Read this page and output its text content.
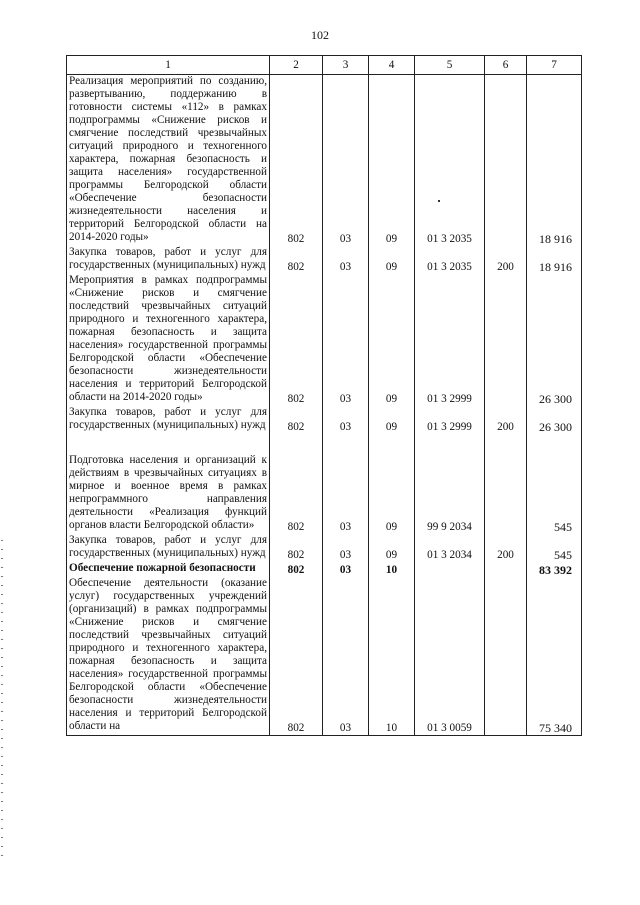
102
1	2	3	4	5	6	7
Реализация мероприятий по созданию, развертыванию, поддержанию в готовности системы «112» в рамках подпрограммы «Снижение рисков и смягчение последствий чрезвычайных ситуаций природного и техногенного характера, пожарная безопасность и защита населения» государственной программы Белгородской области «Обеспечение безопасности жизнедеятельности населения и территорий Белгородской области на 2014-2020 годы»	802	03	09	01 3 2035		18 916
Закупка товаров, работ и услуг для государственных (муниципальных) нужд	802	03	09	01 3 2035	200	18 916
Мероприятия в рамках подпрограммы «Снижение рисков и смягчение последствий чрезвычайных ситуаций природного и техногенного характера, пожарная безопасность и защита населения» государственной программы Белгородской области «Обеспечение безопасности жизнедеятельности населения и территорий Белгородской области на 2014-2020 годы»	802	03	09	01 3 2999		26 300
Закупка товаров, работ и услуг для государственных (муниципальных) нужд	802	03	09	01 3 2999	200	26 300

Подготовка населения и организаций к действиям в чрезвычайных ситуациях в мирное и военное время в рамках непрограммного направления деятельности «Реализация функций органов власти Белгородской области»	802	03	09	99 9 2034		545
Закупка товаров, работ и услуг для государственных (муниципальных) нужд	802	03	09	01 3 2034	200	545
Обеспечение пожарной безопасности	802	03	10			83 392
Обеспечение деятельности (оказание услуг) государственных учреждений (организаций) в рамках подпрограммы «Снижение рисков и смягчение последствий чрезвычайных ситуаций природного и техногенного характера, пожарная безопасность и защита населения» государственной программы Белгородской области «Обеспечение безопасности жизнедеятельности населения и территорий Белгородской области на	802	03	10	01 3 0059		75 340
